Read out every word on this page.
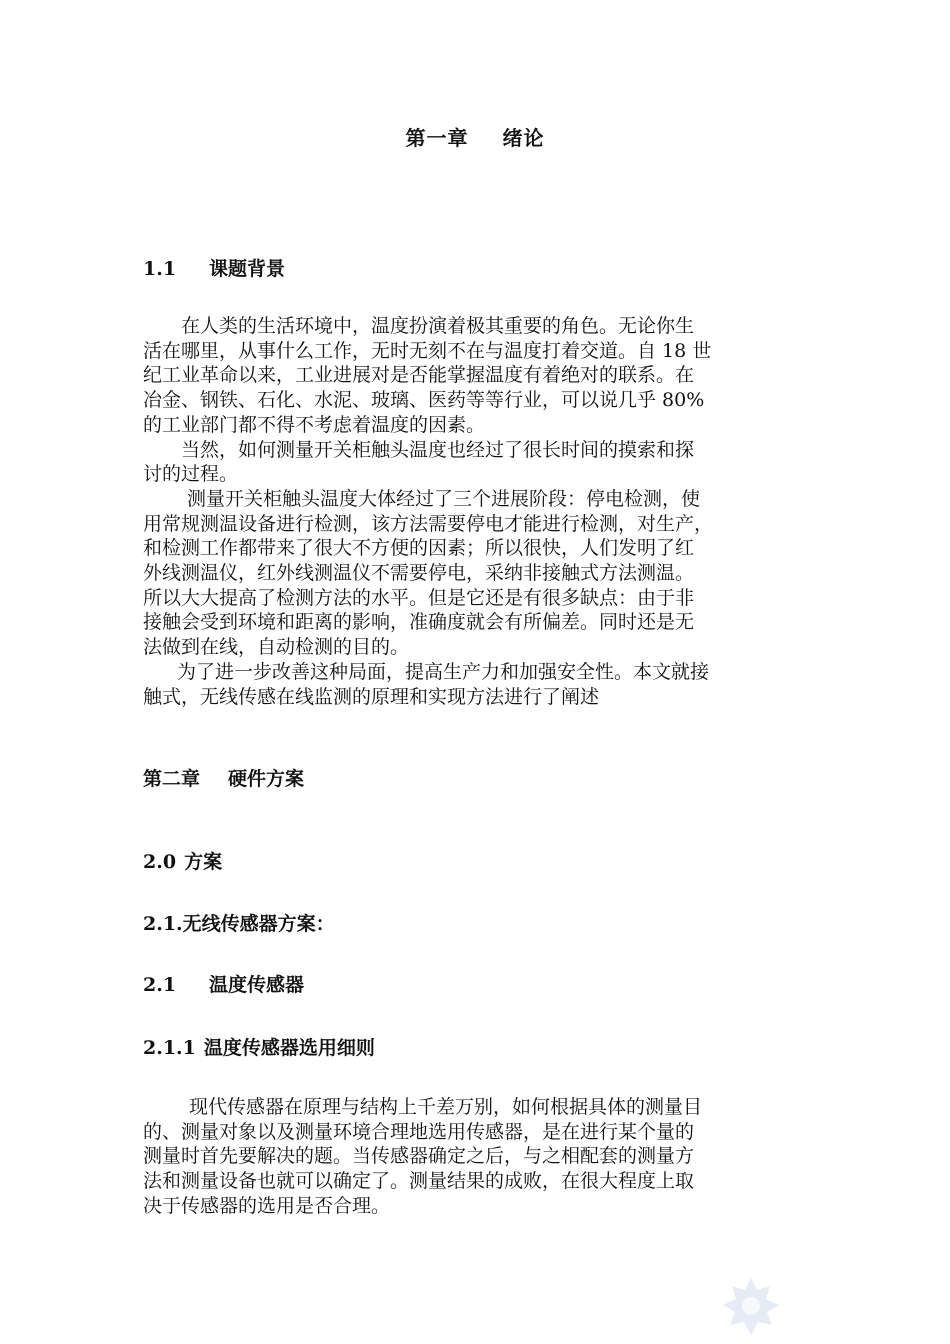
第一章 绪论
1.1 课题背景
在人类的生活环境中，温度扮演着极其重要的角色。无论你生
活在哪里，从事什么工作，无时无刻不在与温度打着交道。自 18 世
纪工业革命以来，工业进展对是否能掌握温度有着绝对的联系。在
冶金、钢铁、石化、水泥、玻璃、医药等等行业，可以说几乎 80%
的工业部门都不得不考虑着温度的因素。
当然，如何测量开关柜触头温度也经过了很长时间的摸索和探
讨的过程。
测量开关柜触头温度大体经过了三个进展阶段：停电检测，使
用常规测温设备进行检测，该方法需要停电才能进行检测，对生产，
和检测工作都带来了很大不方便的因素；所以很快，人们发明了红
外线测温仪，红外线测温仪不需要停电，采纳非接触式方法测温。
所以大大提高了检测方法的水平。但是它还是有很多缺点：由于非
接触会受到环境和距离的影响，准确度就会有所偏差。同时还是无
法做到在线，自动检测的目的。
为了进一步改善这种局面，提高生产力和加强安全性。本文就接
触式，无线传感在线监测的原理和实现方法进行了阐述
第二章 硬件方案
2.0 方案
2.1.无线传感器方案：
2.1 温度传感器
2.1.1 温度传感器选用细则
现代传感器在原理与结构上千差万别，如何根据具体的测量目
的、测量对象以及测量环境合理地选用传感器，是在进行某个量的
测量时首先要解决的题。当传感器确定之后，与之相配套的测量方
法和测量设备也就可以确定了。测量结果的成败，在很大程度上取
决于传感器的选用是否合理。
